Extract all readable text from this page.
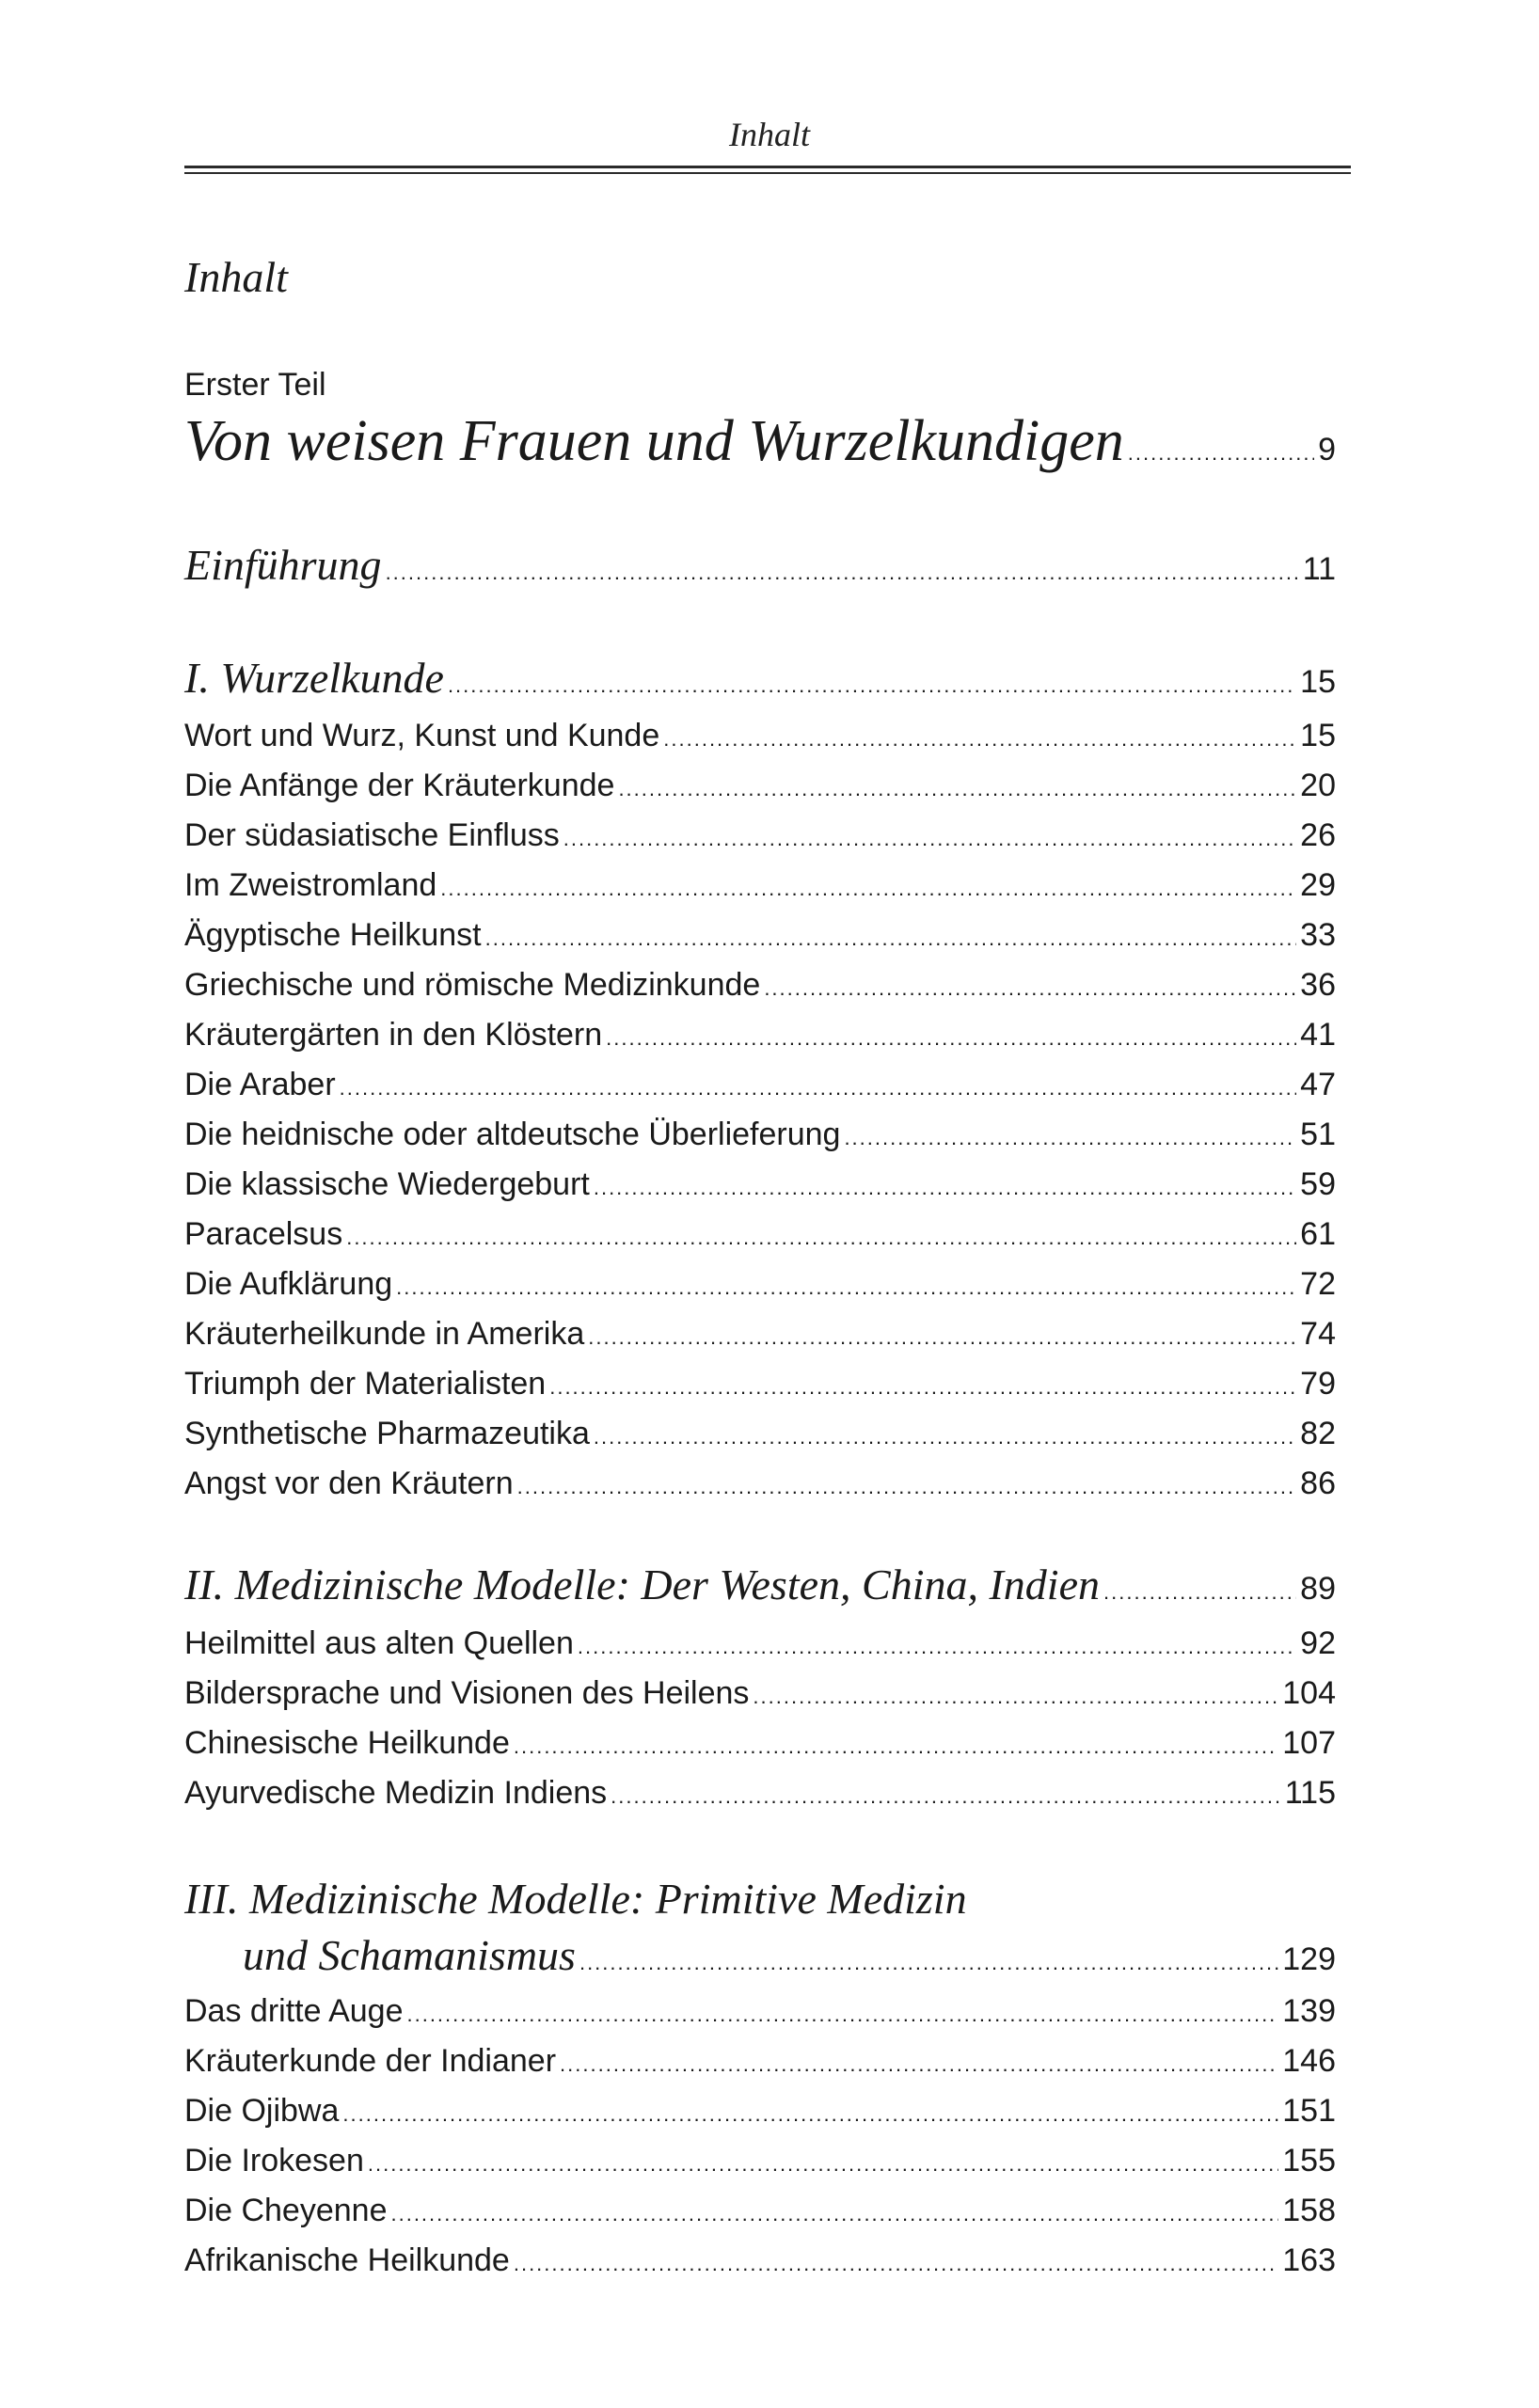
Inhalt
Inhalt
Erster Teil
Von weisen Frauen und Wurzelkundigen .....	9
Einführung .....	11
I. Wurzelkunde .....	15
Wort und Wurz, Kunst und Kunde .....	15
Die Anfänge der Kräuterkunde .....	20
Der südasiatische Einfluss .....	26
Im Zweistromland .....	29
Ägyptische Heilkunst .....	33
Griechische und römische Medizinkunde .....	36
Kräutergärten in den Klöstern .....	41
Die Araber .....	47
Die heidnische oder altdeutsche Überlieferung .....	51
Die klassische Wiedergeburt .....	59
Paracelsus .....	61
Die Aufklärung .....	72
Kräuterheilkunde in Amerika .....	74
Triumph der Materialisten .....	79
Synthetische Pharmazeutika .....	82
Angst vor den Kräutern .....	86
II. Medizinische Modelle: Der Westen, China, Indien .....	89
Heilmittel aus alten Quellen .....	92
Bildersprache und Visionen des Heilens .....	104
Chinesische Heilkunde .....	107
Ayurvedische Medizin Indiens .....	115
III. Medizinische Modelle: Primitive Medizin
und Schamanismus .....	129
Das dritte Auge .....	139
Kräuterkunde der Indianer .....	146
Die Ojibwa .....	151
Die Irokesen .....	155
Die Cheyenne .....	158
Afrikanische Heilkunde .....	163
